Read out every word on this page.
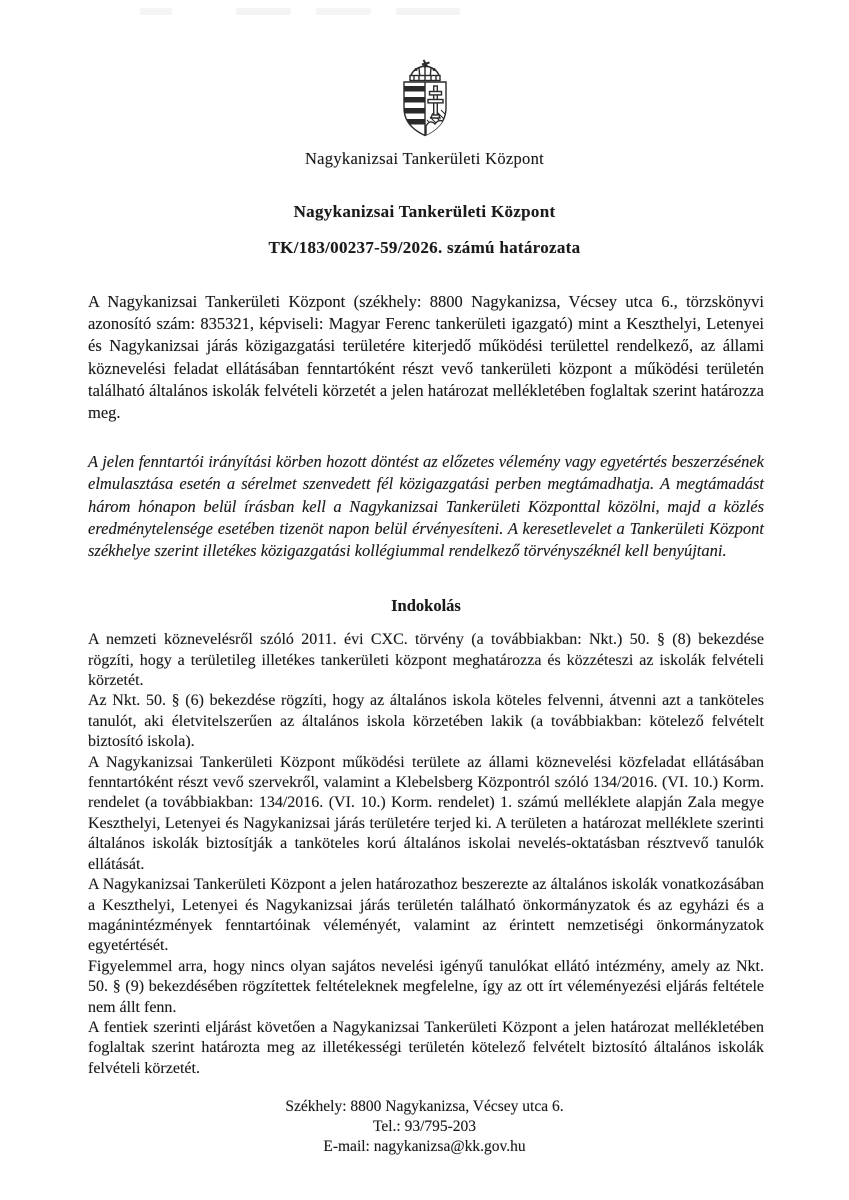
Nagykanizsai Tankerületi Központ
Nagykanizsai Tankerületi Központ
TK/183/00237-59/2026. számú határozata

A Nagykanizsai Tankerületi Központ (székhely: 8800 Nagykanizsa, Vécsey utca 6., törzskönyvi azonosító szám: 835321, képviseli: Magyar Ferenc tankerületi igazgató) mint a Keszthelyi, Letenyei és Nagykanizsai járás közigazgatási területére kiterjedő működési területtel rendelkező, az állami köznevelési feladat ellátásában fenntartóként részt vevő tankerületi központ a működési területén található általános iskolák felvételi körzetét a jelen határozat mellékletében foglaltak szerint határozza meg.

A jelen fenntartói irányítási körben hozott döntést az előzetes vélemény vagy egyetértés beszerzésének elmulasztása esetén a sérelmet szenvedett fél közigazgatási perben megtámadhatja. A megtámadást három hónapon belül írásban kell a Nagykanizsai Tankerületi Központtal közölni, majd a közlés eredménytelensége esetében tizenöt napon belül érvényesíteni. A keresetlevelet a Tankerületi Központ székhelye szerint illetékes közigazgatási kollégiummal rendelkező törvényszéknél kell benyújtani.

Indokolás

A nemzeti köznevelésről szóló 2011. évi CXC. törvény (a továbbiakban: Nkt.) 50. § (8) bekezdése rögzíti, hogy a területileg illetékes tankerületi központ meghatározza és közzéteszi az iskolák felvételi körzetét.

Az Nkt. 50. § (6) bekezdése rögzíti, hogy az általános iskola köteles felvenni, átvenni azt a tanköteles tanulót, aki életvitelszerűen az általános iskola körzetében lakik (a továbbiakban: kötelező felvételt biztosító iskola).

A Nagykanizsai Tankerületi Központ működési területe az állami köznevelési közfeladat ellátásában fenntartóként részt vevő szervekről, valamint a Klebelsberg Központról szóló 134/2016. (VI. 10.) Korm. rendelet (a továbbiakban: 134/2016. (VI. 10.) Korm. rendelet) 1. számú melléklete alapján Zala megye Keszthelyi, Letenyei és Nagykanizsai járás területére terjed ki. A területen a határozat melléklete szerinti általános iskolák biztosítják a tanköteles korú általános iskolai nevelés-oktatásban résztvevő tanulók ellátását.

A Nagykanizsai Tankerületi Központ a jelen határozathoz beszerezte az általános iskolák vonatkozásában a Keszthelyi, Letenyei és Nagykanizsai járás területén található önkormányzatok és az egyházi és a magánintézmények fenntartóinak véleményét, valamint az érintett nemzetiségi önkormányzatok egyetértését.

Figyelemmel arra, hogy nincs olyan sajátos nevelési igényű tanulókat ellátó intézmény, amely az Nkt. 50. § (9) bekezdésében rögzítettek feltételeknek megfelelne, így az ott írt véleményezési eljárás feltétele nem állt fenn.

A fentiek szerinti eljárást követően a Nagykanizsai Tankerületi Központ a jelen határozat mellékletében foglaltak szerint határozta meg az illetékességi területén kötelező felvételt biztosító általános iskolák felvételi körzetét.

Székhely: 8800 Nagykanizsa, Vécsey utca 6.
Tel.: 93/795-203
E-mail: nagykanizsa@kk.gov.hu
